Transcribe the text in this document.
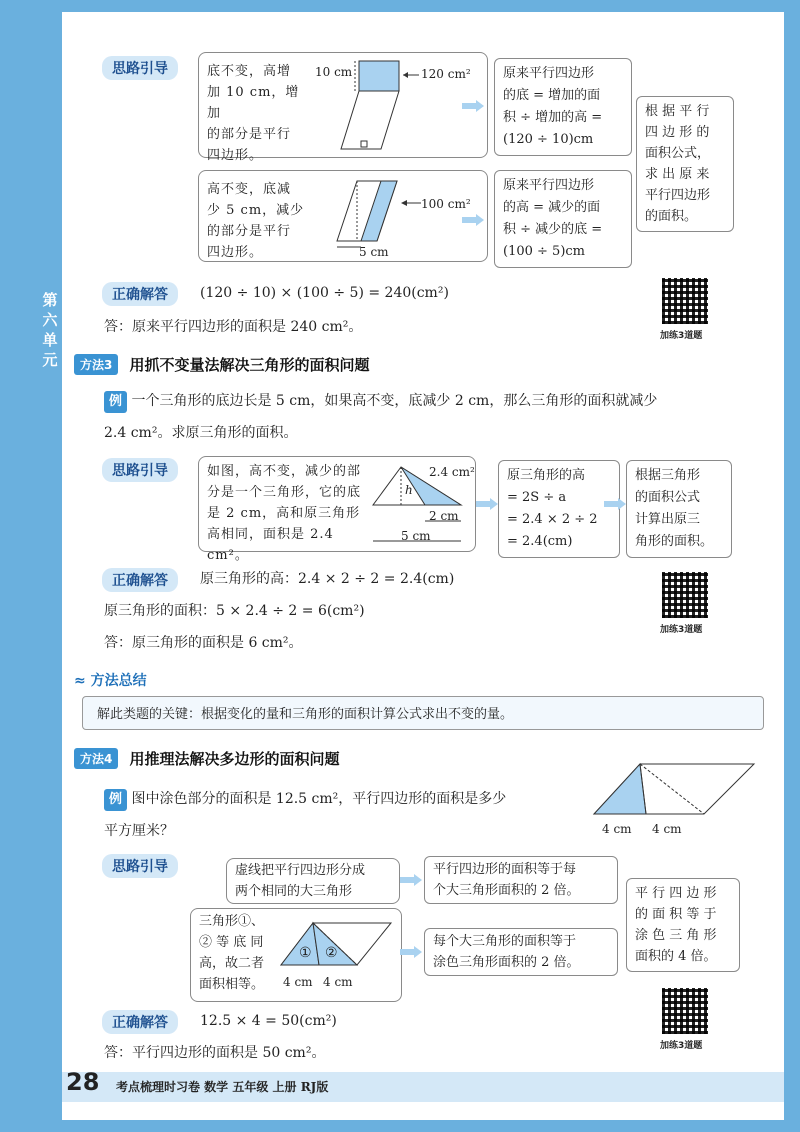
第六单元
思路引导	底不变，高增
加 10 cm，增加
的部分是平行
四边形。
10 cm	120 cm² 原来平行四边形
的底 = 增加的面
积 ÷ 增加的高 =
(120 ÷ 10)cm
高不变，底减
少 5 cm，减少
的部分是平行
四边形。
100 cm²
5 cm
原来平行四边形
的高 = 减少的面
积 ÷ 减少的底 =
(100 ÷ 5)cm
根 据 平 行
四 边 形 的
面积公式，
求 出 原 来
平行四边形
的面积。
正确解答	(120 ÷ 10) × (100 ÷ 5) = 240(cm²)
答：原来平行四边形的面积是 240 cm²。
加练3道题
方法3 用抓不变量法解决三角形的面积问题
例 一个三角形的底边长是 5 cm，如果高不变，底减少 2 cm，那么三角形的面积就减少
2.4 cm²。求原三角形的面积。
思路引导	如图，高不变，减少的部
分是一个三角形，它的底
是 2 cm，高和原三角形
高相同，面积是 2.4 cm²。
2.4 cm²
h
2 cm
5 cm
原三角形的高
= 2S ÷ a
= 2.4 × 2 ÷ 2
= 2.4(cm)
根据三角形
的面积公式
计算出原三
角形的面积。
正确解答	原三角形的高：2.4 × 2 ÷ 2 = 2.4(cm)
原三角形的面积：5 × 2.4 ÷ 2 = 6(cm²)
答：原三角形的面积是 6 cm²。
加练3道题
≈ 方法总结
解此类题的关键：根据变化的量和三角形的面积计算公式求出不变的量。
方法4 用推理法解决多边形的面积问题
例 图中涂色部分的面积是 12.5 cm²，平行四边形的面积是多少
平方厘米？	4 cm 4 cm
思路引导	虚线把平行四边形分成
两个相同的大三角形
平行四边形的面积等于每
个大三角形面积的 2 倍。
三角形①、
② 等 底 同
高，故二者
面积相等。
① ②
4 cm 4 cm
每个大三角形的面积等于
涂色三角形面积的 2 倍。
平 行 四 边 形
的 面 积 等 于
涂 色 三 角 形
面积的 4 倍。
正确解答	12.5 × 4 = 50(cm²)
答：平行四边形的面积是 50 cm²。	加练3道题
28 考点梳理时习卷 数学 五年级 上册 RJ版
